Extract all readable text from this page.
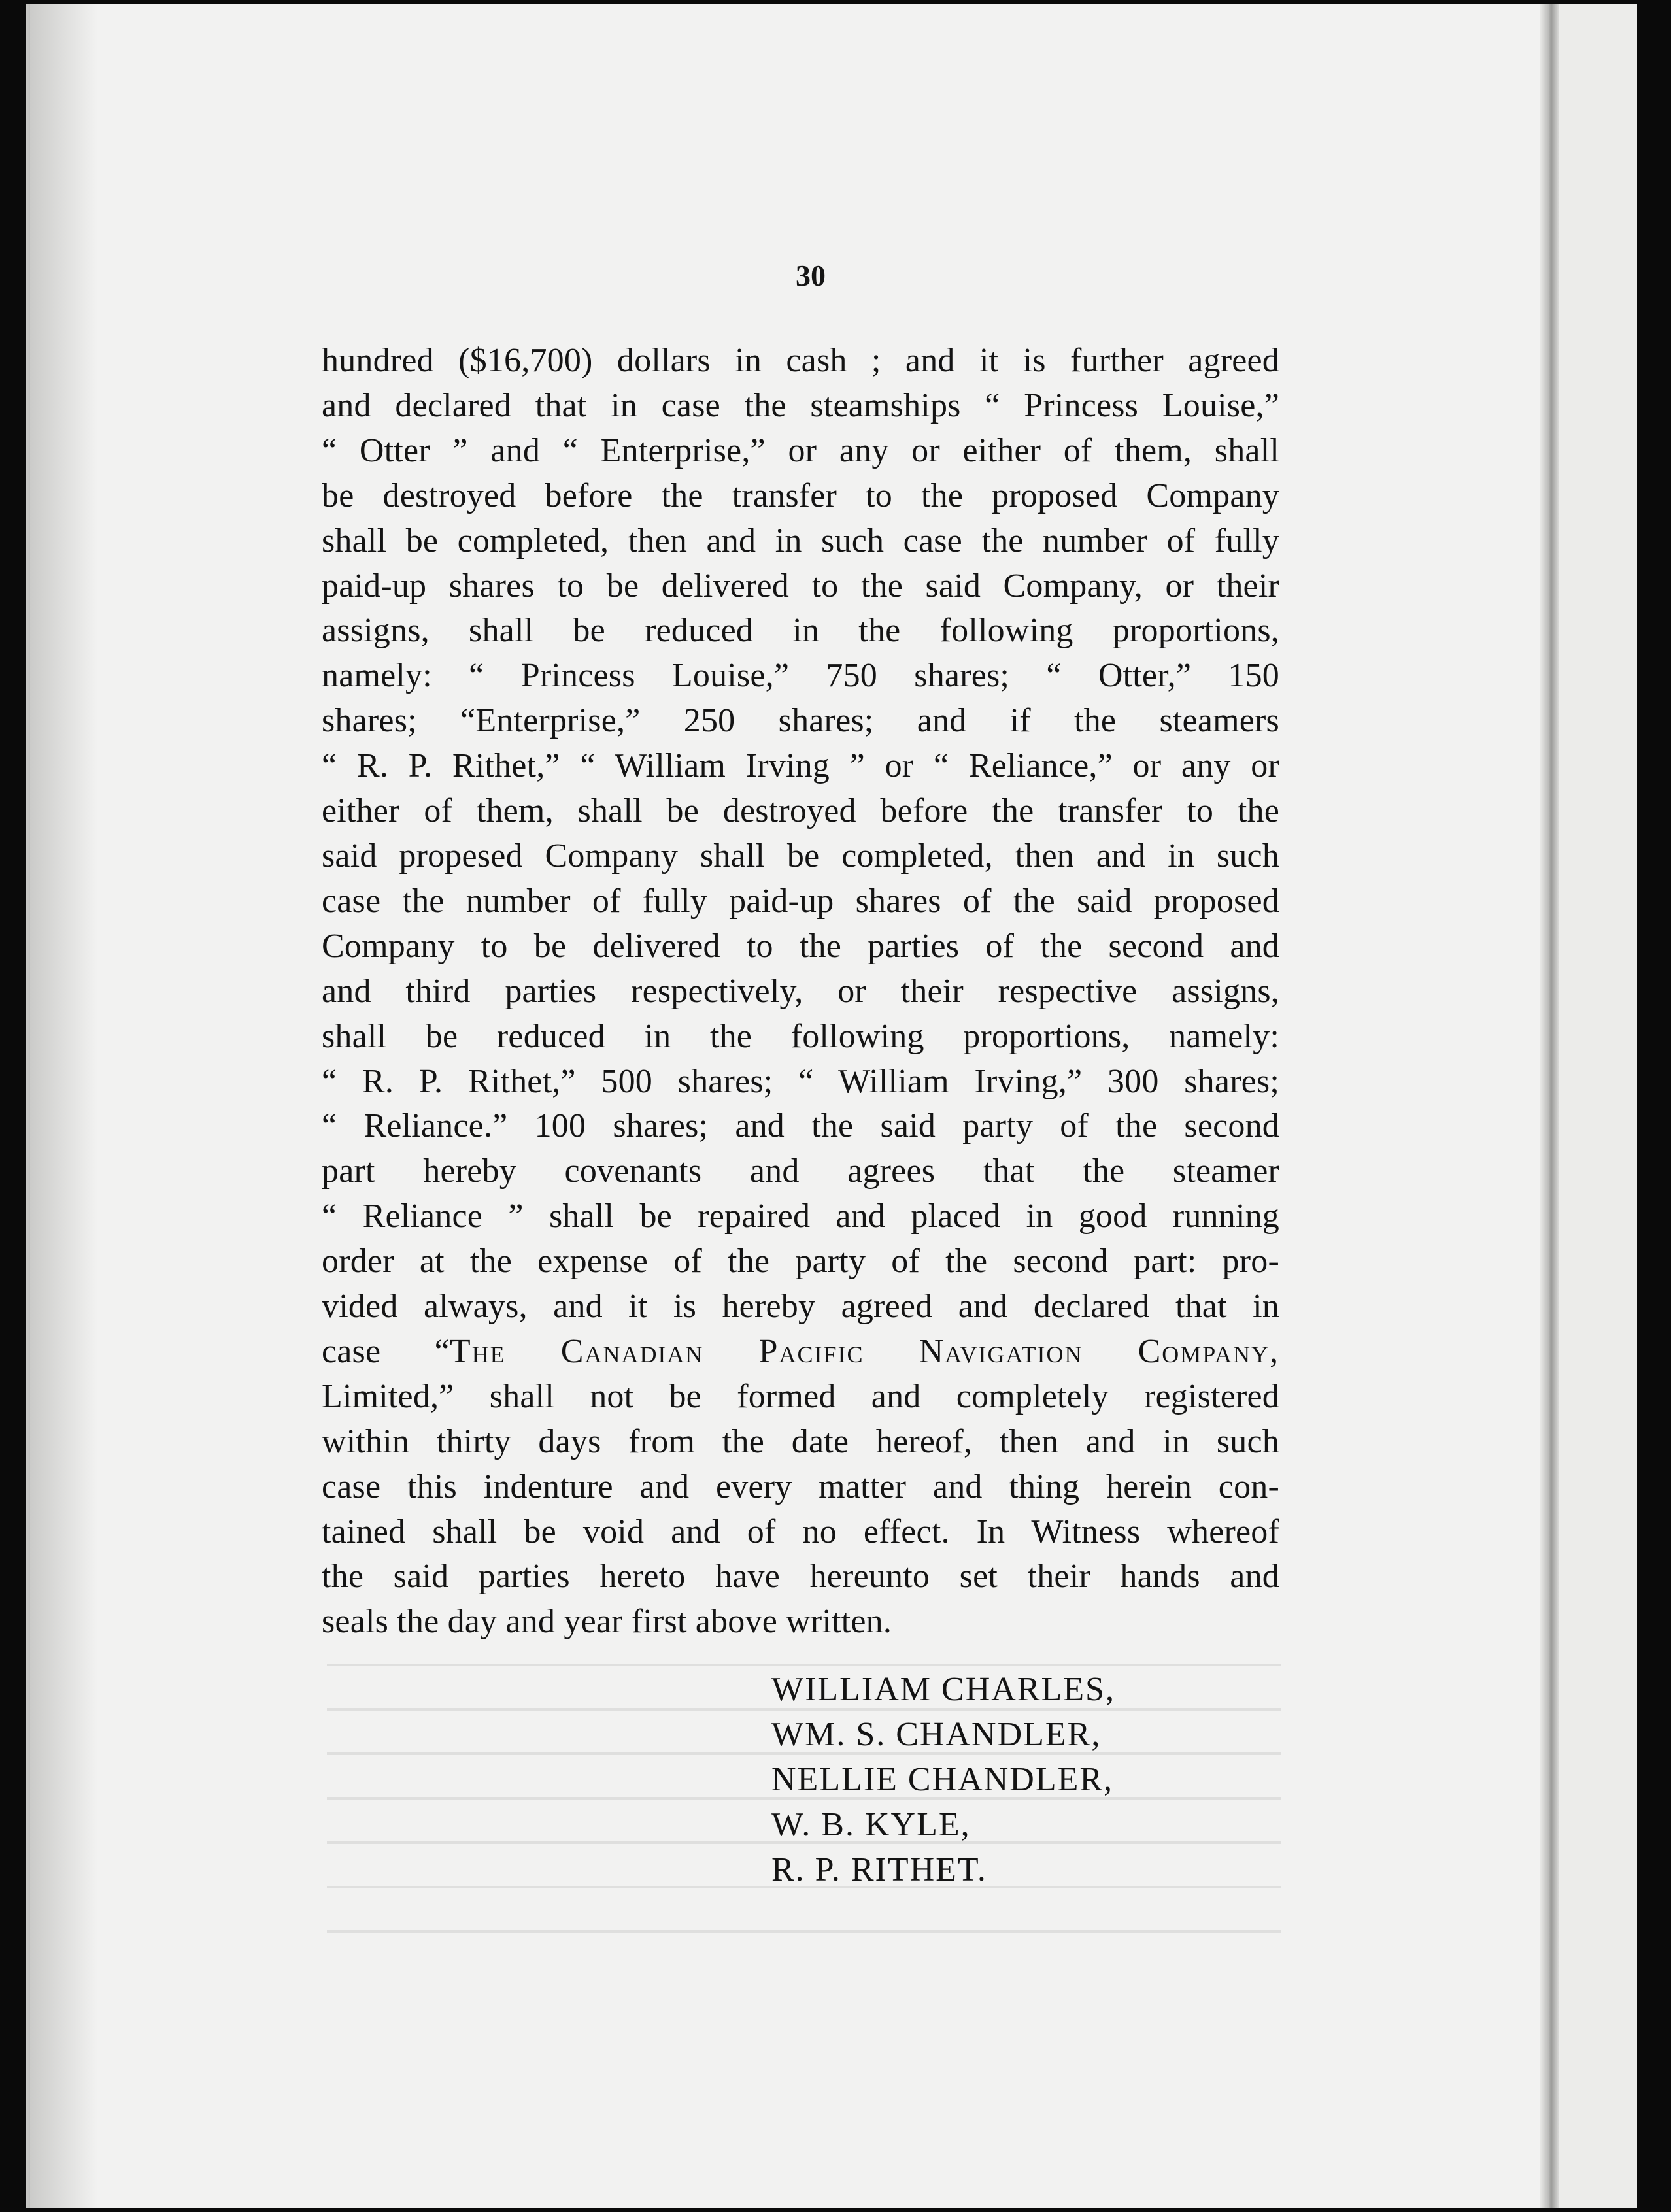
30
hundred ($16,700) dollars in cash ; and it is further agreed
and declared that in case the steamships “ Princess Louise,”
“ Otter ” and “ Enterprise,” or any or either of them, shall
be destroyed before the transfer to the proposed Company
shall be completed, then and in such case the number of fully
paid-up shares to be delivered to the said Company, or their
assigns, shall be reduced in the following proportions,
namely: “ Princess Louise,” 750 shares; “ Otter,” 150
shares; “Enterprise,” 250 shares; and if the steamers
“ R. P. Rithet,” “ William Irving ” or “ Reliance,” or any or
either of them, shall be destroyed before the transfer to the
said propesed Company shall be completed, then and in such
case the number of fully paid-up shares of the said proposed
Company to be delivered to the parties of the second and
and third parties respectively, or their respective assigns,
shall be reduced in the following proportions, namely:
“ R. P. Rithet,” 500 shares; “ William Irving,” 300 shares;
“ Reliance.” 100 shares; and the said party of the second
part hereby covenants and agrees that the steamer
“ Reliance ” shall be repaired and placed in good running
order at the expense of the party of the second part: pro-
vided always, and it is hereby agreed and declared that in
case “The Canadian Pacific Navigation Company,
Limited,” shall not be formed and completely registered
within thirty days from the date hereof, then and in such
case this indenture and every matter and thing herein con-
tained shall be void and of no effect. In Witness whereof
the said parties hereto have hereunto set their hands and
seals the day and year first above written.
WILLIAM CHARLES,
WM. S. CHANDLER,
NELLIE CHANDLER,
W. B. KYLE,
R. P. RITHET.
